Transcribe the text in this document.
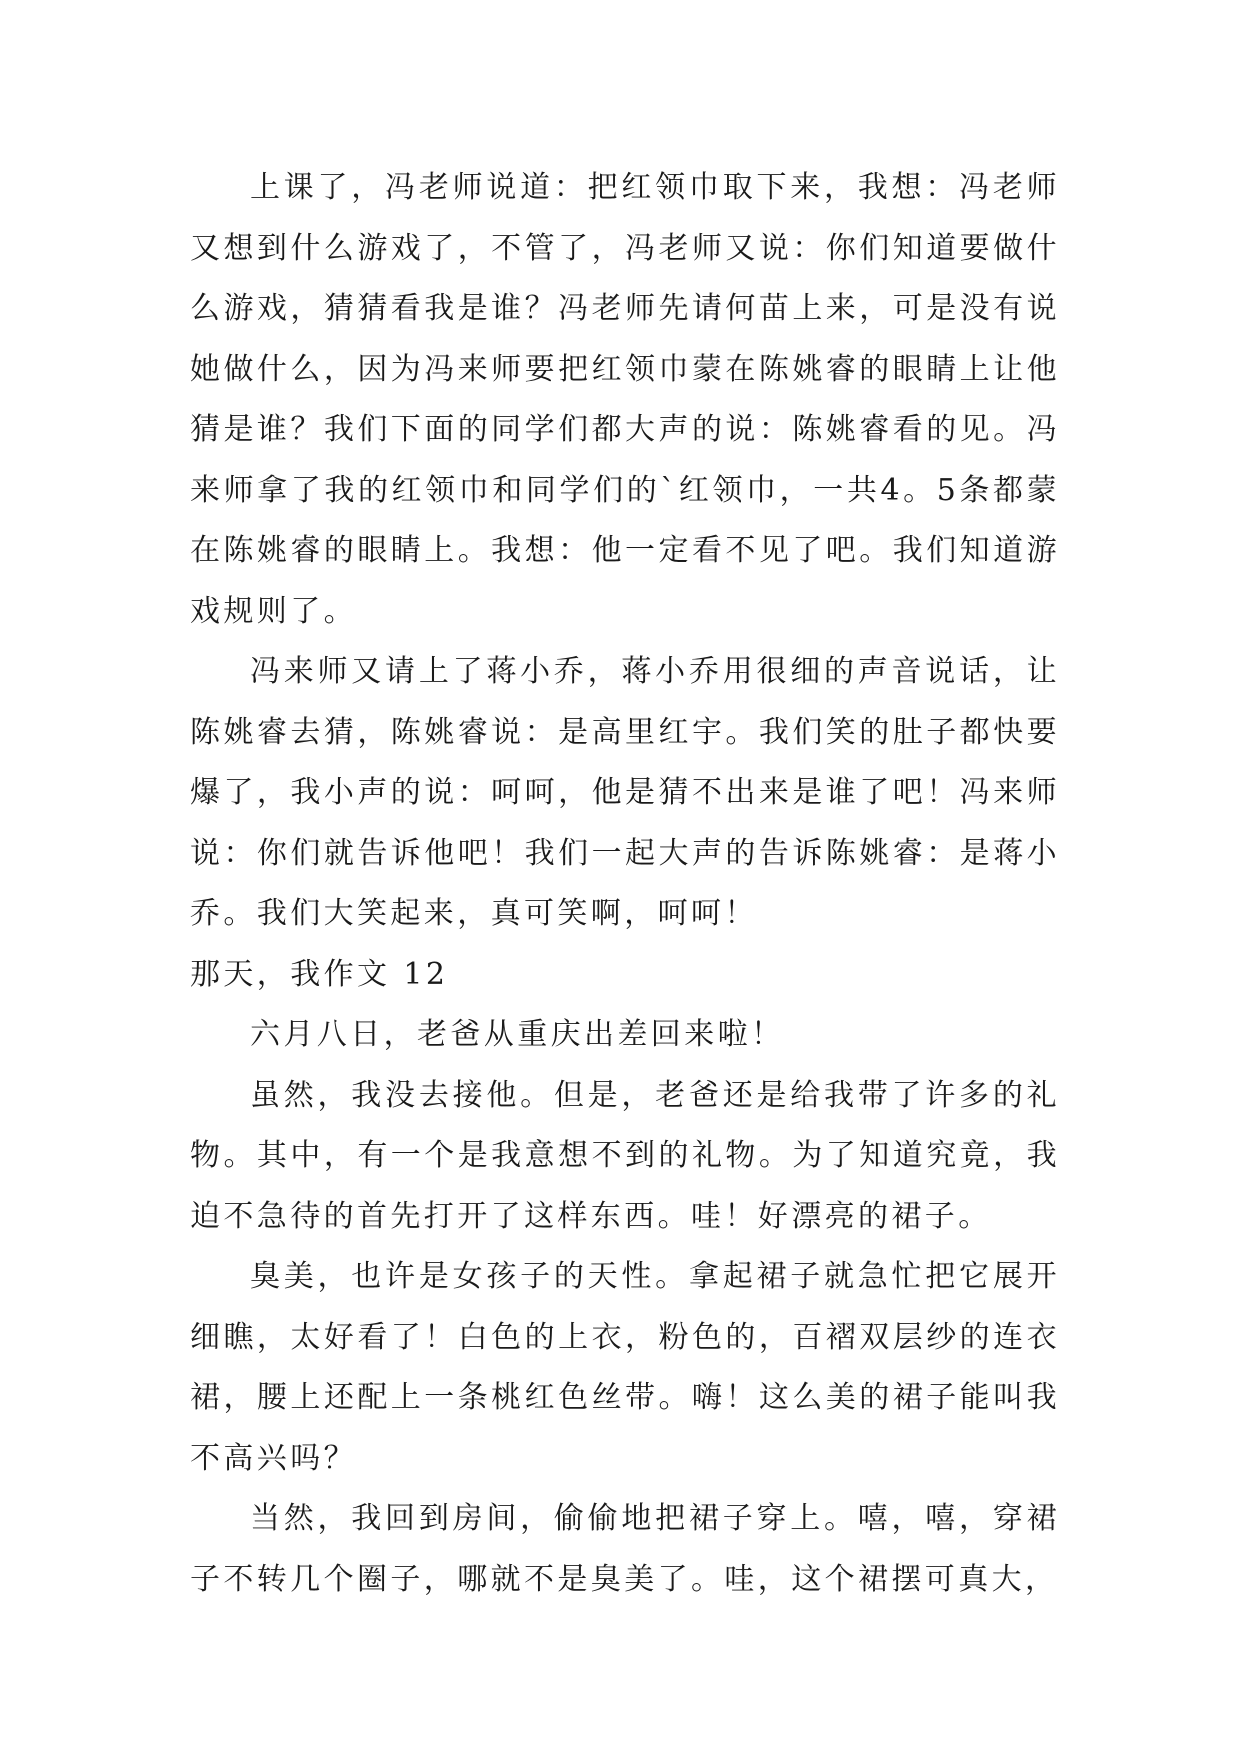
上课了，冯老师说道：把红领巾取下来，我想：冯老师又想到什么游戏了，不管了，冯老师又说：你们知道要做什么游戏，猜猜看我是谁？冯老师先请何苗上来，可是没有说她做什么，因为冯来师要把红领巾蒙在陈姚睿的眼睛上让他猜是谁？我们下面的同学们都大声的说：陈姚睿看的见。冯来师拿了我的红领巾和同学们的`红领巾，一共4。5条都蒙在陈姚睿的眼睛上。我想：他一定看不见了吧。我们知道游戏规则了。

冯来师又请上了蒋小乔，蒋小乔用很细的声音说话，让陈姚睿去猜，陈姚睿说：是高里红宇。我们笑的肚子都快要爆了，我小声的说：呵呵，他是猜不出来是谁了吧！冯来师说：你们就告诉他吧！我们一起大声的告诉陈姚睿：是蒋小乔。我们大笑起来，真可笑啊，呵呵！

那天，我作文 12

六月八日，老爸从重庆出差回来啦！

虽然，我没去接他。但是，老爸还是给我带了许多的礼物。其中，有一个是我意想不到的礼物。为了知道究竟，我迫不急待的首先打开了这样东西。哇！好漂亮的裙子。

臭美，也许是女孩子的天性。拿起裙子就急忙把它展开细瞧，太好看了！白色的上衣，粉色的，百褶双层纱的连衣裙，腰上还配上一条桃红色丝带。嗨！这么美的裙子能叫我不高兴吗？

当然，我回到房间，偷偷地把裙子穿上。嘻，嘻，穿裙子不转几个圈子，哪就不是臭美了。哇，这个裙摆可真大，
